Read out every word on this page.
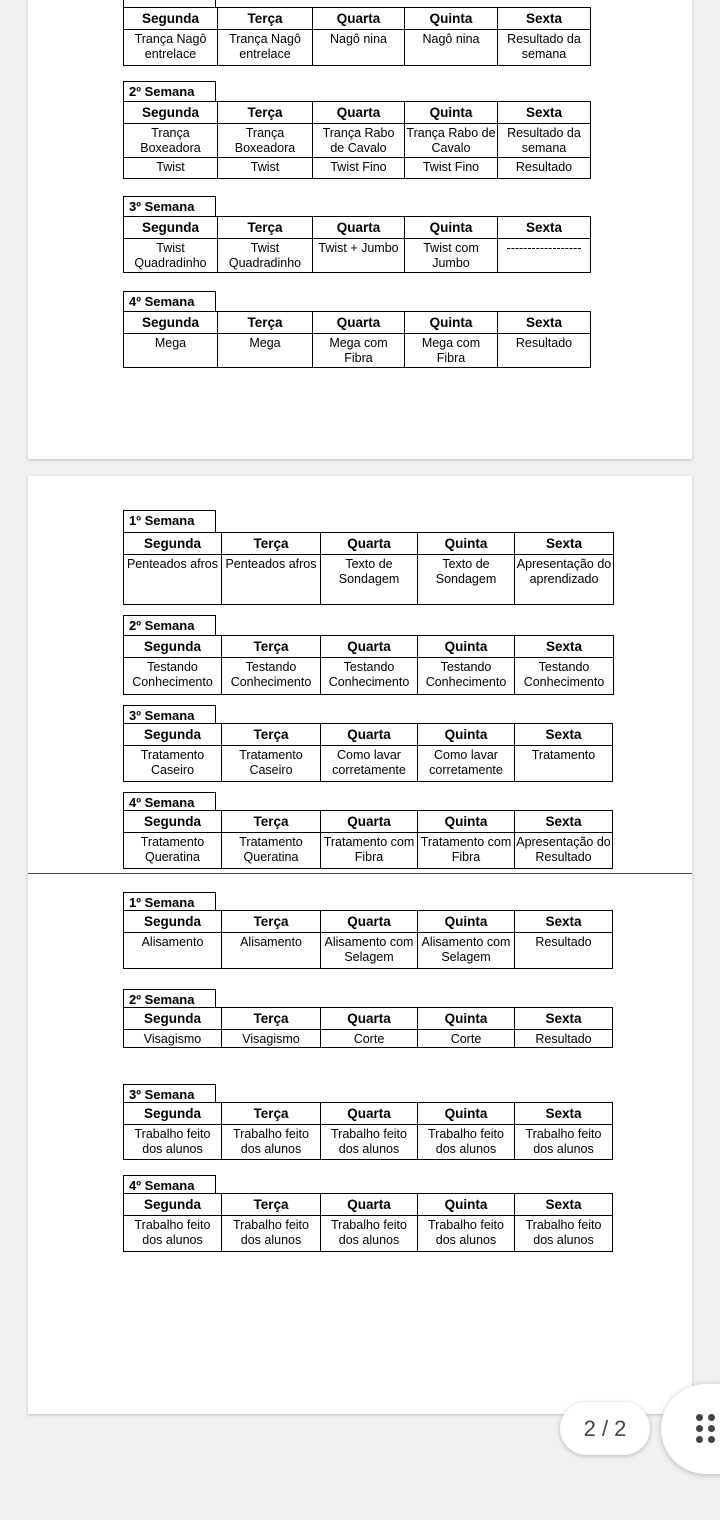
Segunda	Terça	Quarta	Quinta	Sexta
Trança Nagô entrelace	Trança Nagô entrelace	Nagô nina	Nagô nina	Resultado da semana
2º Semana
Segunda	Terça	Quarta	Quinta	Sexta
Trança Boxeadora	Trança Boxeadora	Trança Rabo de Cavalo	Trança Rabo de Cavalo	Resultado da semana
Twist	Twist	Twist Fino	Twist Fino	Resultado
3º Semana
Segunda	Terça	Quarta	Quinta	Sexta
Twist Quadradinho	Twist Quadradinho	Twist + Jumbo	Twist com Jumbo	------------------
4º Semana
Segunda	Terça	Quarta	Quinta	Sexta
Mega	Mega	Mega com Fibra	Mega com Fibra	Resultado
1º Semana
Segunda	Terça	Quarta	Quinta	Sexta
Penteados afros	Penteados afros	Texto de Sondagem	Texto de Sondagem	Apresentação do aprendizado
2º Semana
Segunda	Terça	Quarta	Quinta	Sexta
Testando Conhecimento	Testando Conhecimento	Testando Conhecimento	Testando Conhecimento	Testando Conhecimento
3º Semana
Segunda	Terça	Quarta	Quinta	Sexta
Tratamento Caseiro	Tratamento Caseiro	Como lavar corretamente	Como lavar corretamente	Tratamento
4º Semana
Segunda	Terça	Quarta	Quinta	Sexta
Tratamento Queratina	Tratamento Queratina	Tratamento com Fibra	Tratamento com Fibra	Apresentação do Resultado
1º Semana
Segunda	Terça	Quarta	Quinta	Sexta
Alisamento	Alisamento	Alisamento com Selagem	Alisamento com Selagem	Resultado
2º Semana
Segunda	Terça	Quarta	Quinta	Sexta
Visagismo	Visagismo	Corte	Corte	Resultado
3º Semana
Segunda	Terça	Quarta	Quinta	Sexta
Trabalho feito dos alunos	Trabalho feito dos alunos	Trabalho feito dos alunos	Trabalho feito dos alunos	Trabalho feito dos alunos
4º Semana
Segunda	Terça	Quarta	Quinta	Sexta
Trabalho feito dos alunos	Trabalho feito dos alunos	Trabalho feito dos alunos	Trabalho feito dos alunos	Trabalho feito dos alunos
2 / 2
